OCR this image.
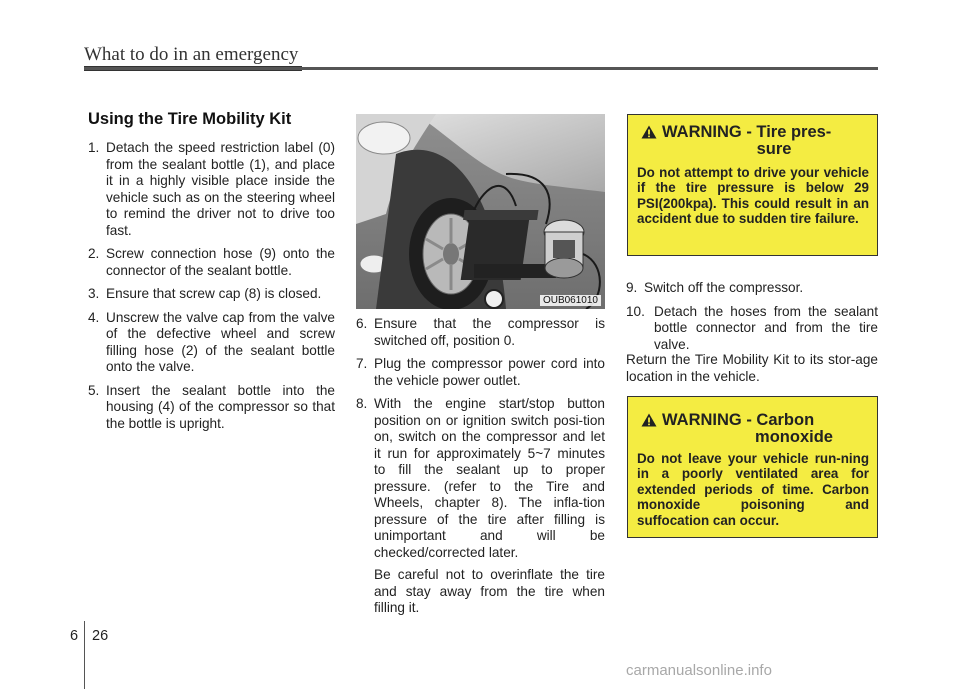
What to do in an emergency
Using the Tire Mobility Kit
1. Detach the speed restriction label (0) from the sealant bottle (1), and place it in a highly visible place inside the vehicle such as on the steering wheel to remind the driver not to drive too fast.
2. Screw connection hose (9) onto the connector of the sealant bottle.
3. Ensure that screw cap (8) is closed.
4. Unscrew the valve cap from the valve of the defective wheel and screw filling hose (2) of the sealant bottle onto the valve.
5. Insert the sealant bottle into the housing (4) of the compressor so that the bottle is upright.
OUB061010
6. Ensure that the compressor is switched off, position 0.
7. Plug the compressor power cord into the vehicle power outlet.
8. With the engine start/stop button position on or ignition switch posi-tion on, switch on the compressor and let it run for approximately 5~7 minutes to fill the sealant up to proper pressure. (refer to the Tire and Wheels, chapter 8). The infla-tion pressure of the tire after filling is unimportant and will be checked/corrected later.

Be careful not to overinflate the tire and stay away from the tire when filling it.

WARNING - Tire pres-
sure
Do not attempt to drive your vehicle if the tire pressure is below 29 PSI(200kpa). This could result in an accident due to sudden tire failure.
9. Switch off the compressor.
10. Detach the hoses from the sealant bottle connector and from the tire valve.

Return the Tire Mobility Kit to its stor-age location in the vehicle.

WARNING - Carbon
monoxide
Do not leave your vehicle run-ning in a poorly ventilated area for extended periods of time. Carbon monoxide poisoning and suffocation can occur.
6 26
carmanualsonline.info
